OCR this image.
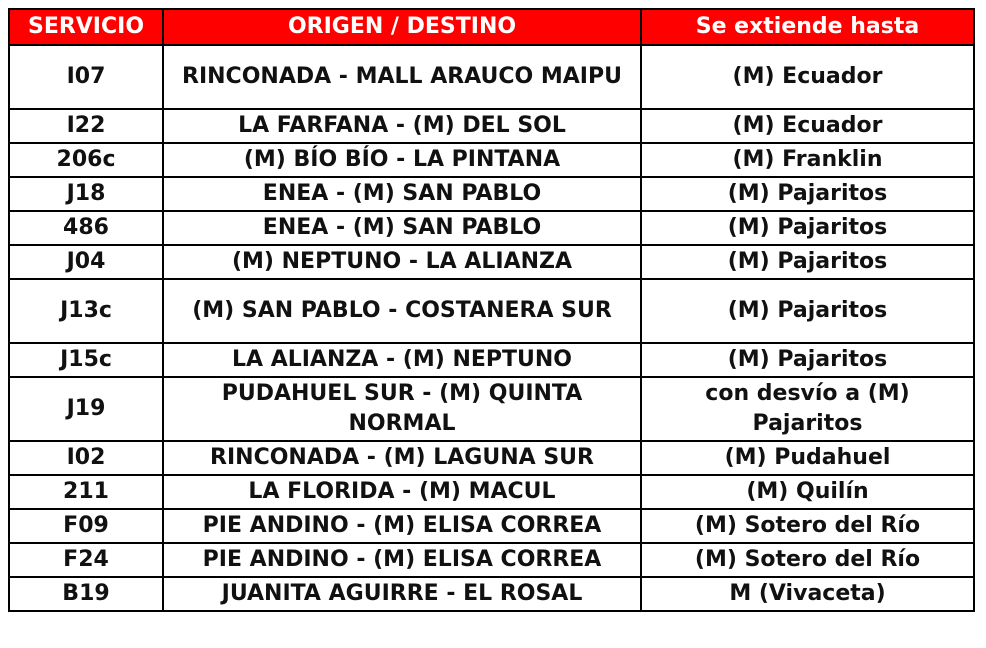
SERVICIO	ORIGEN / DESTINO	Se extiende hasta
I07	RINCONADA - MALL ARAUCO MAIPU	(M) Ecuador
I22	LA FARFANA - (M) DEL SOL	(M) Ecuador
206c	(M) BÍO BÍO - LA PINTANA	(M) Franklin
J18	ENEA - (M) SAN PABLO	(M) Pajaritos
486	ENEA - (M) SAN PABLO	(M) Pajaritos
J04	(M) NEPTUNO - LA ALIANZA	(M) Pajaritos
J13c	(M) SAN PABLO - COSTANERA SUR	(M) Pajaritos
J15c	LA ALIANZA - (M) NEPTUNO	(M) Pajaritos
J19	PUDAHUEL SUR - (M) QUINTA NORMAL	con desvío a (M) Pajaritos
I02	RINCONADA - (M) LAGUNA SUR	(M) Pudahuel
211	LA FLORIDA - (M) MACUL	(M) Quilín
F09	PIE ANDINO - (M) ELISA CORREA	(M) Sotero del Río
F24	PIE ANDINO - (M) ELISA CORREA	(M) Sotero del Río
B19	JUANITA AGUIRRE - EL ROSAL	M (Vivaceta)
